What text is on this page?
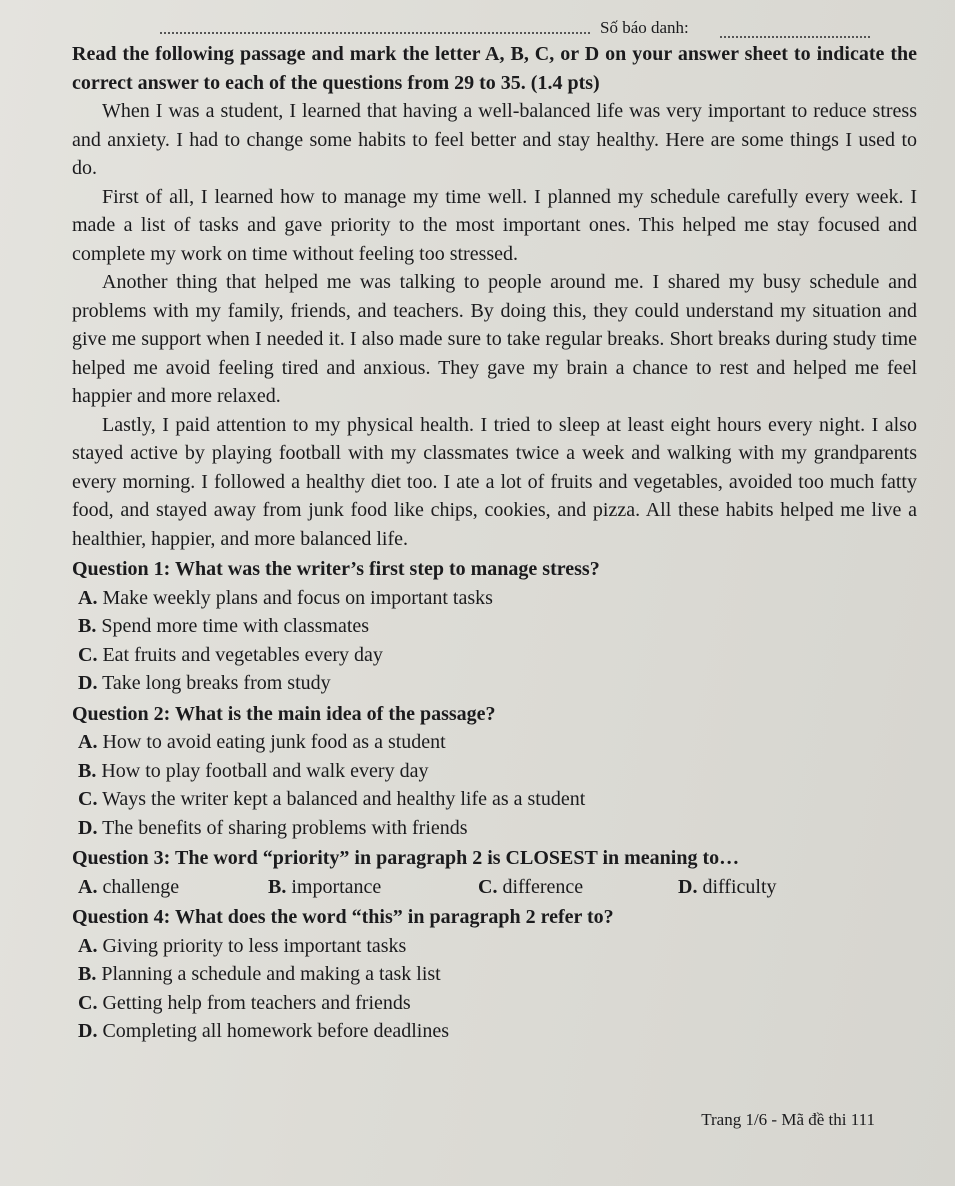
Số báo danh:
Read the following passage and mark the letter A, B, C, or D on your answer sheet to indicate the correct answer to each of the questions from 29 to 35. (1.4 pts)

When I was a student, I learned that having a well-balanced life was very important to reduce stress and anxiety. I had to change some habits to feel better and stay healthy. Here are some things I used to do.

First of all, I learned how to manage my time well. I planned my schedule carefully every week. I made a list of tasks and gave priority to the most important ones. This helped me stay focused and complete my work on time without feeling too stressed.

Another thing that helped me was talking to people around me. I shared my busy schedule and problems with my family, friends, and teachers. By doing this, they could understand my situation and give me support when I needed it. I also made sure to take regular breaks. Short breaks during study time helped me avoid feeling tired and anxious. They gave my brain a chance to rest and helped me feel happier and more relaxed.

Lastly, I paid attention to my physical health. I tried to sleep at least eight hours every night. I also stayed active by playing football with my classmates twice a week and walking with my grandparents every morning. I followed a healthy diet too. I ate a lot of fruits and vegetables, avoided too much fatty food, and stayed away from junk food like chips, cookies, and pizza. All these habits helped me live a healthier, happier, and more balanced life.

Question 1: What was the writer’s first step to manage stress?
A. Make weekly plans and focus on important tasks
B. Spend more time with classmates
C. Eat fruits and vegetables every day
D. Take long breaks from study
Question 2: What is the main idea of the passage?
A. How to avoid eating junk food as a student
B. How to play football and walk every day
C. Ways the writer kept a balanced and healthy life as a student
D. The benefits of sharing problems with friends
Question 3: The word “priority” in paragraph 2 is CLOSEST in meaning to…
A. challenge	B. importance	C. difference	D. difficulty
Question 4: What does the word “this” in paragraph 2 refer to?
A. Giving priority to less important tasks
B. Planning a schedule and making a task list
C. Getting help from teachers and friends
D. Completing all homework before deadlines
Trang 1/6 - Mã đề thi 111
